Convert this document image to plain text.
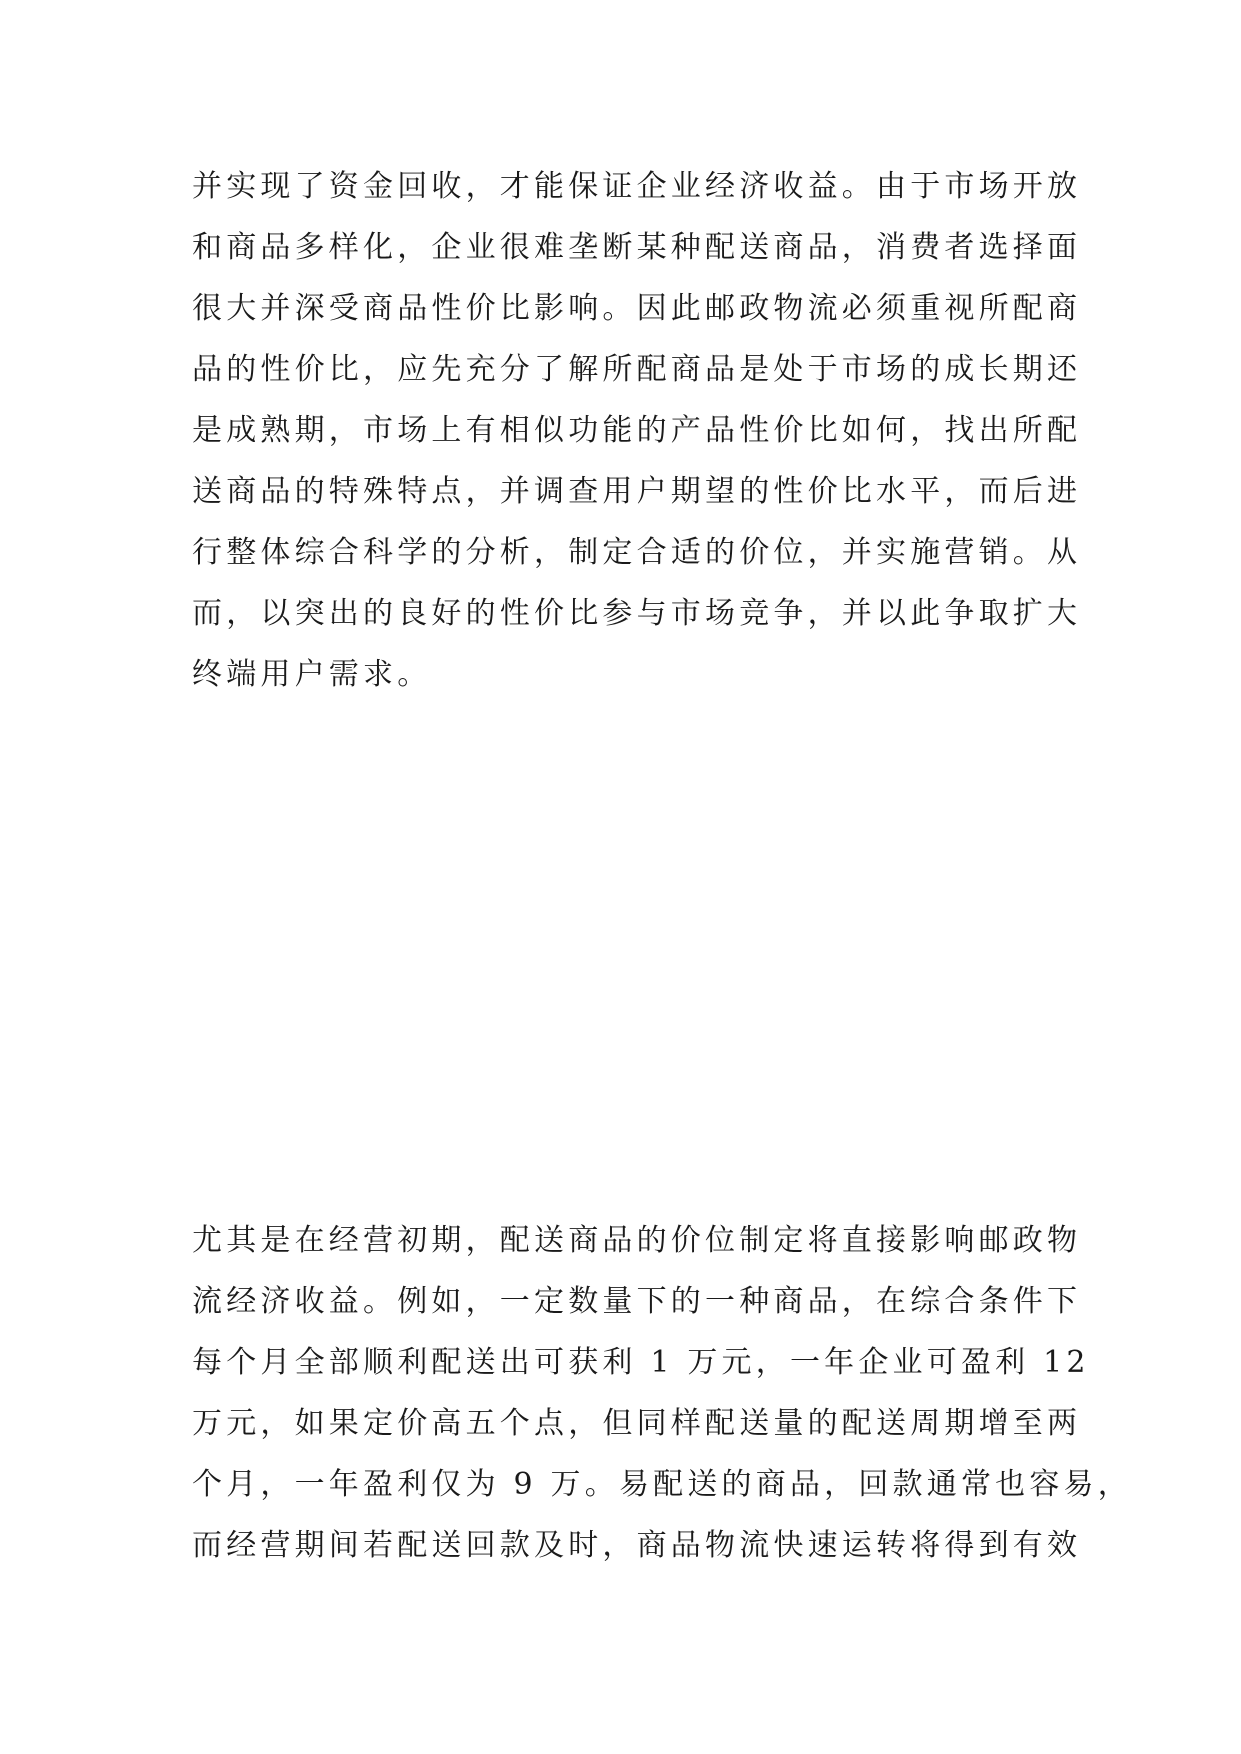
并实现了资金回收，才能保证企业经济收益。由于市场开放
和商品多样化，企业很难垄断某种配送商品，消费者选择面
很大并深受商品性价比影响。因此邮政物流必须重视所配商
品的性价比，应先充分了解所配商品是处于市场的成长期还
是成熟期，市场上有相似功能的产品性价比如何，找出所配
送商品的特殊特点，并调查用户期望的性价比水平，而后进
行整体综合科学的分析，制定合适的价位，并实施营销。从
而，以突出的良好的性价比参与市场竞争，并以此争取扩大
终端用户需求。
尤其是在经营初期，配送商品的价位制定将直接影响邮政物
流经济收益。例如，一定数量下的一种商品，在综合条件下
每个月全部顺利配送出可获利 1 万元，一年企业可盈利 12
万元，如果定价高五个点，但同样配送量的配送周期增至两
个月，一年盈利仅为 9 万。易配送的商品，回款通常也容易，
而经营期间若配送回款及时，商品物流快速运转将得到有效
